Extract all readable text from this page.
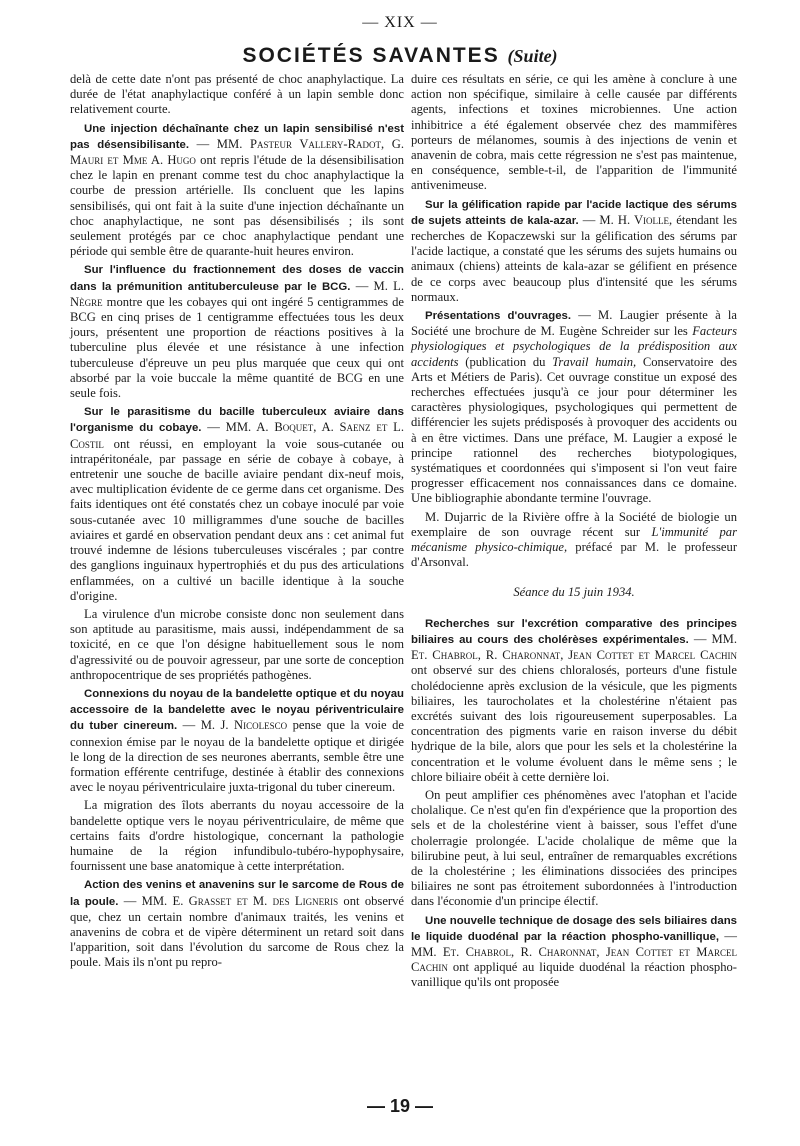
— XIX —
SOCIÉTÉS SAVANTES (Suite)

delà de cette date n'ont pas présenté de choc anaphylactique. La durée de l'état anaphylactique conféré à un lapin semble donc relativement courte.

Une injection déchaînante chez un lapin sensibilisé n'est pas désensibilisante. — MM. Pasteur Vallery-Radot, G. Mauri et Mme A. Hugo ont repris l'étude de la désensibilisation chez le lapin en prenant comme test du choc anaphylactique la courbe de pression artérielle. Ils concluent que les lapins sensibilisés, qui ont fait à la suite d'une injection déchaînante un choc anaphylactique, ne sont pas désensibilisés ; ils sont seulement protégés par ce choc anaphylactique pendant une période qui semble être de quarante-huit heures environ.

Sur l'influence du fractionnement des doses de vaccin dans la prémunition antituberculeuse par le BCG. — M. L. Nègre montre que les cobayes qui ont ingéré 5 centigrammes de BCG en cinq prises de 1 centigramme effectuées tous les deux jours, présentent une proportion de réactions positives à la tuberculine plus élevée et une résistance à une infection tuberculeuse d'épreuve un peu plus marquée que ceux qui ont absorbé par la voie buccale la même quantité de BCG en une seule fois.

Sur le parasitisme du bacille tuberculeux aviaire dans l'organisme du cobaye. — MM. A. Boquet, A. Saenz et L. Costil ont réussi, en employant la voie sous-cutanée ou intrapéritonéale, par passage en série de cobaye à cobaye, à entretenir une souche de bacille aviaire pendant dix-neuf mois, avec multiplication évidente de ce germe dans cet organisme. Des faits identiques ont été constatés chez un cobaye inoculé par voie sous-cutanée avec 10 milligrammes d'une souche de bacilles aviaires et gardé en observation pendant deux ans : cet animal fut trouvé indemne de lésions tuberculeuses viscérales ; par contre des ganglions inguinaux hypertrophiés et du pus des articulations enflammées, on a cultivé un bacille identique à la souche d'origine.

La virulence d'un microbe consiste donc non seulement dans son aptitude au parasitisme, mais aussi, indépendamment de sa toxicité, en ce que l'on désigne habituellement sous le nom d'agressivité ou de pouvoir agresseur, par une sorte de conception anthropocentrique de ses propriétés pathogènes.

Connexions du noyau de la bandelette optique et du noyau accessoire de la bandelette avec le noyau périventriculaire du tuber cinereum. — M. J. Nicolesco pense que la voie de connexion émise par le noyau de la bandelette optique et dirigée le long de la direction de ses neurones aberrants, semble être une formation efférente centrifuge, destinée à établir des connexions avec le noyau périventriculaire juxta-trigonal du tuber cinereum.

La migration des îlots aberrants du noyau accessoire de la bandelette optique vers le noyau périventriculaire, de même que certains faits d'ordre histologique, concernant la pathologie humaine de la région infundibulo-tubéro-hypophysaire, fournissent une base anatomique à cette interprétation.

Action des venins et anavenins sur le sarcome de Rous de la poule. — MM. E. Grasset et M. des Ligneris ont observé que, chez un certain nombre d'animaux traités, les venins et anavenins de cobra et de vipère déterminent un retard soit dans l'apparition, soit dans l'évolution du sarcome de Rous chez la poule. Mais ils n'ont pu repro-

duire ces résultats en série, ce qui les amène à conclure à une action non spécifique, similaire à celle causée par différents agents, infections et toxines microbiennes. Une action inhibitrice a été également observée chez des mammifères porteurs de mélanomes, soumis à des injections de venin et anavenin de cobra, mais cette régression ne s'est pas maintenue, en conséquence, semble-t-il, de l'apparition de l'immunité antivenimeuse.

Sur la gélification rapide par l'acide lactique des sérums de sujets atteints de kala-azar. — M. H. Violle, étendant les recherches de Kopaczewski sur la gélification des sérums par l'acide lactique, a constaté que les sérums des sujets humains ou animaux (chiens) atteints de kala-azar se gélifient en présence de ce corps avec beaucoup plus d'intensité que les sérums normaux.

Présentations d'ouvrages. — M. Laugier présente à la Société une brochure de M. Eugène Schreider sur les Facteurs physiologiques et psychologiques de la prédisposition aux accidents (publication du Travail humain, Conservatoire des Arts et Métiers de Paris). Cet ouvrage constitue un exposé des recherches effectuées jusqu'à ce jour pour déterminer les caractères physiologiques, psychologiques qui permettent de différencier les sujets prédisposés à provoquer des accidents ou à en être victimes. Dans une préface, M. Laugier a exposé le principe rationnel des recherches biotypologiques, systématiques et coordonnées qui s'imposent si l'on veut faire progresser efficacement nos connaissances dans ce domaine. Une bibliographie abondante termine l'ouvrage.

M. Dujarric de la Rivière offre à la Société de biologie un exemplaire de son ouvrage récent sur L'immunité par mécanisme physico-chimique, préfacé par M. le professeur d'Arsonval.

Séance du 15 juin 1934.

Recherches sur l'excrétion comparative des principes biliaires au cours des cholérèses expérimentales. — MM. Et. Chabrol, R. Charonnat, Jean Cottet et Marcel Cachin ont observé sur des chiens chloralosés, porteurs d'une fistule cholédocienne après exclusion de la vésicule, que les pigments biliaires, les taurocholates et la cholestérine n'étaient pas excrétés suivant des lois rigoureusement superposables. La concentration des pigments varie en raison inverse du débit hydrique de la bile, alors que pour les sels et la cholestérine la concentration et le volume évoluent dans le même sens ; le chlore biliaire obéit à cette dernière loi.

On peut amplifier ces phénomènes avec l'atophan et l'acide cholalique. Ce n'est qu'en fin d'expérience que la proportion des sels et de la cholestérine vient à baisser, sous l'effet d'une cholerragie prolongée. L'acide cholalique de même que la bilirubine peut, à lui seul, entraîner de remarquables excrétions de la cholestérine ; les éliminations dissociées des principes biliaires ne sont pas étroitement subordonnées à l'introduction dans l'économie d'un principe électif.

Une nouvelle technique de dosage des sels biliaires dans le liquide duodénal par la réaction phospho-vanillique, — MM. Et. Chabrol, R. Charonnat, Jean Cottet et Marcel Cachin ont appliqué au liquide duodénal la réaction phospho-vanillique qu'ils ont proposée

— 19 —
